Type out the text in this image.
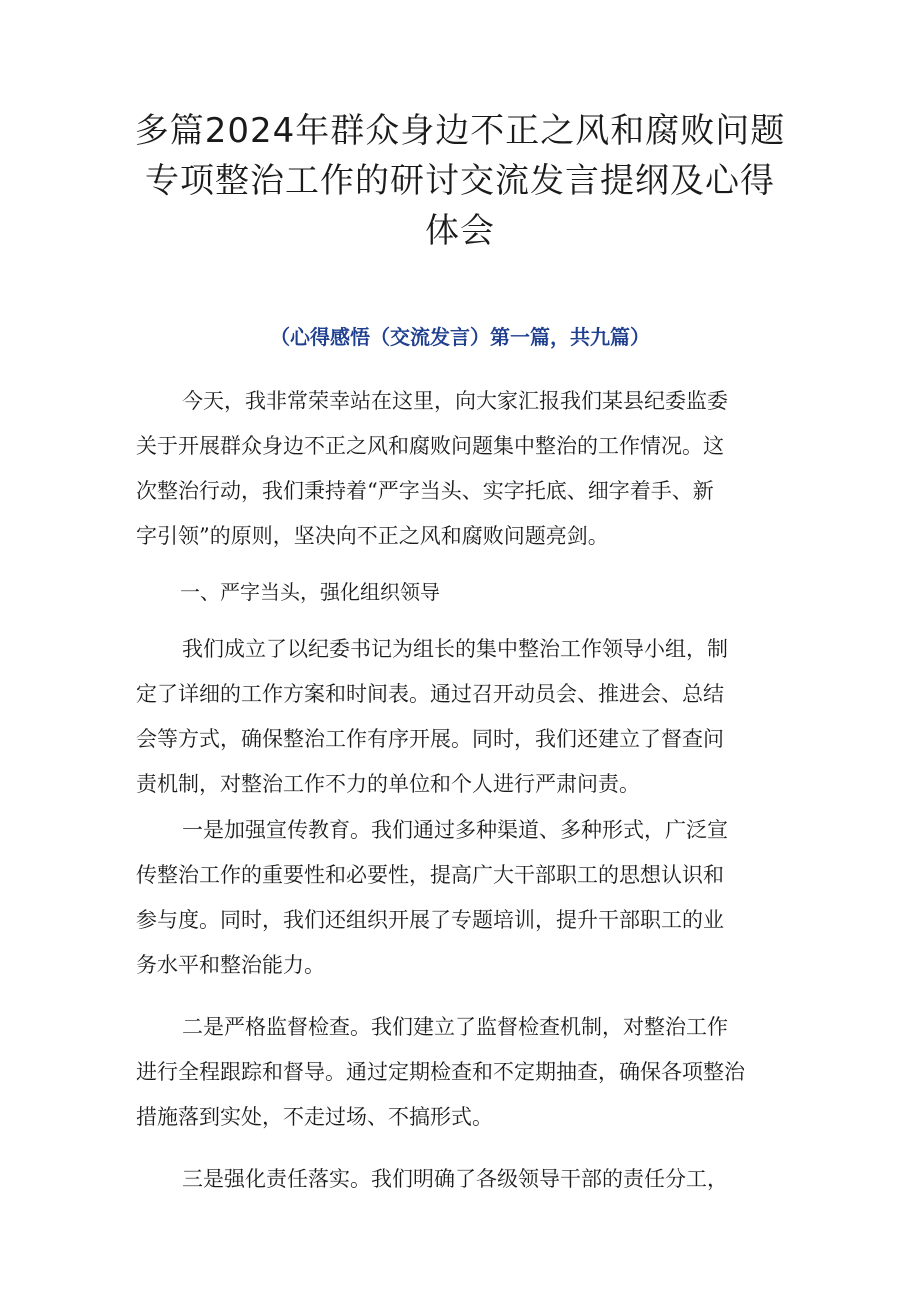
多篇2024年群众身边不正之风和腐败问题
专项整治工作的研讨交流发言提纲及心得
体会
（心得感悟（交流发言）第一篇，共九篇）
今天，我非常荣幸站在这里，向大家汇报我们某县纪委监委
关于开展群众身边不正之风和腐败问题集中整治的工作情况。这
次整治行动，我们秉持着“严字当头、实字托底、细字着手、新
字引领”的原则，坚决向不正之风和腐败问题亮剑。
一、严字当头，强化组织领导
我们成立了以纪委书记为组长的集中整治工作领导小组，制
定了详细的工作方案和时间表。通过召开动员会、推进会、总结
会等方式，确保整治工作有序开展。同时，我们还建立了督查问
责机制，对整治工作不力的单位和个人进行严肃问责。
一是加强宣传教育。我们通过多种渠道、多种形式，广泛宣
传整治工作的重要性和必要性，提高广大干部职工的思想认识和
参与度。同时，我们还组织开展了专题培训，提升干部职工的业
务水平和整治能力。
二是严格监督检查。我们建立了监督检查机制，对整治工作
进行全程跟踪和督导。通过定期检查和不定期抽查，确保各项整治
措施落到实处，不走过场、不搞形式。
三是强化责任落实。我们明确了各级领导干部的责任分工，
